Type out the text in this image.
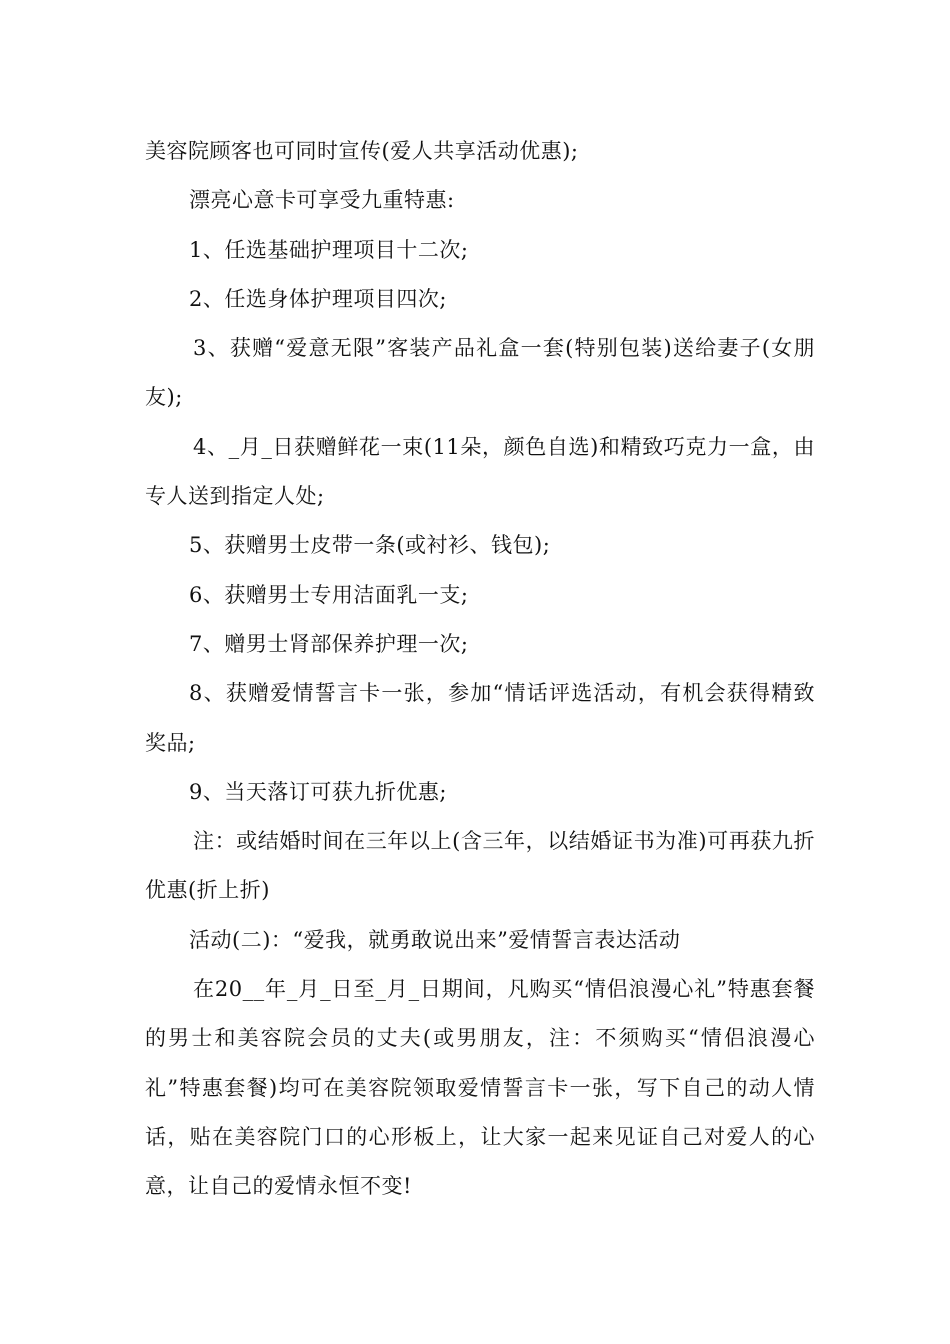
美容院顾客也可同时宣传(爱人共享活动优惠);

漂亮心意卡可享受九重特惠:

1、任选基础护理项目十二次;

2、任选身体护理项目四次;

3、获赠“爱意无限”客装产品礼盒一套(特别包装)送给妻子(女朋友);

4、_月_日获赠鲜花一束(11朵，颜色自选)和精致巧克力一盒，由专人送到指定人处;

5、获赠男士皮带一条(或衬衫、钱包);

6、获赠男士专用洁面乳一支;

7、赠男士肾部保养护理一次;

8、获赠爱情誓言卡一张，参加“情话评选活动，有机会获得精致奖品;

9、当天落订可获九折优惠;

注：或结婚时间在三年以上(含三年，以结婚证书为准)可再获九折优惠(折上折)

活动(二)：“爱我，就勇敢说出来”爱情誓言表达活动

在20__年_月_日至_月_日期间，凡购买“情侣浪漫心礼”特惠套餐的男士和美容院会员的丈夫(或男朋友，注：不须购买“情侣浪漫心礼”特惠套餐)均可在美容院领取爱情誓言卡一张，写下自己的动人情话，贴在美容院门口的心形板上，让大家一起来见证自己对爱人的心意，让自己的爱情永恒不变!
